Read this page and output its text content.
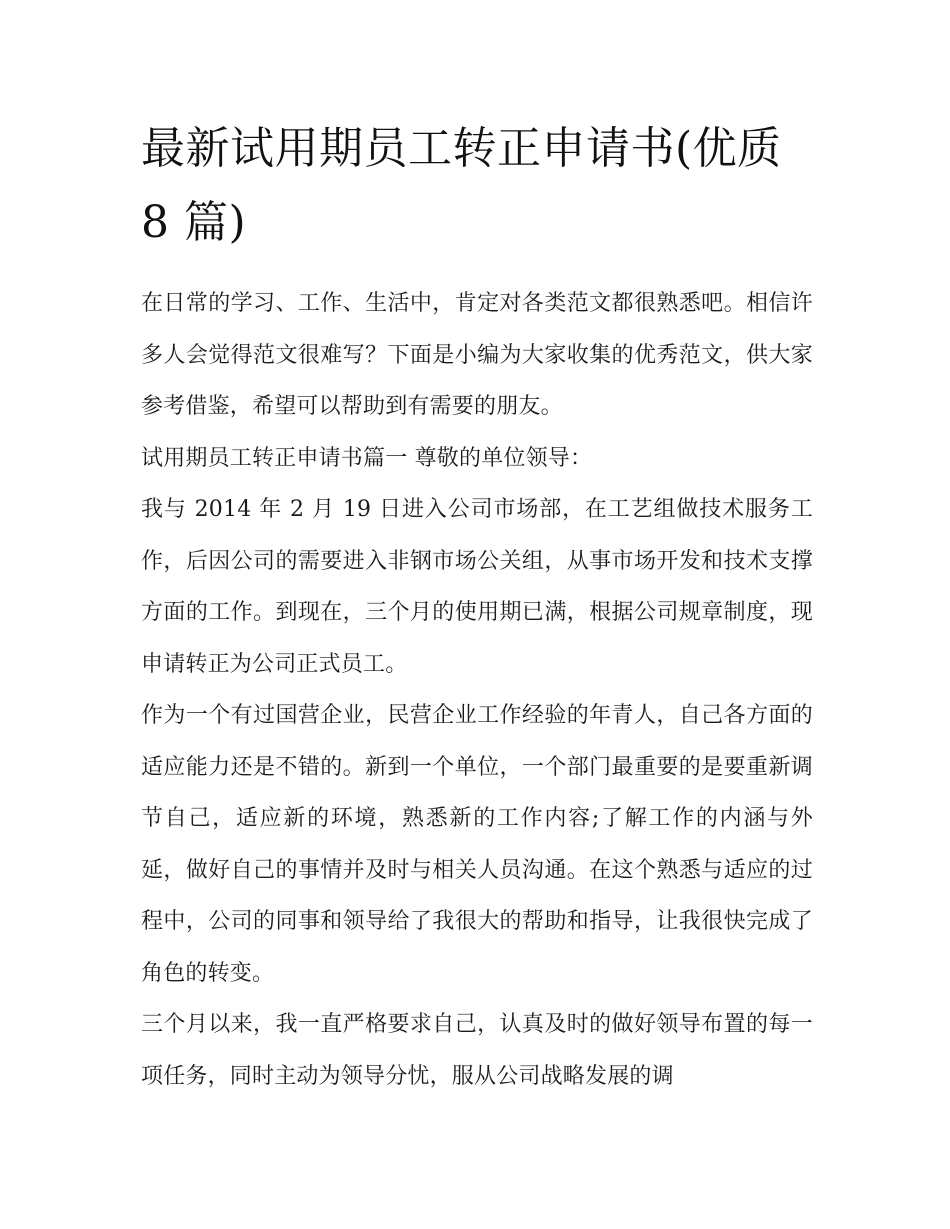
最新试用期员工转正申请书(优质 8 篇)

在日常的学习、工作、生活中，肯定对各类范文都很熟悉吧。相信许多人会觉得范文很难写？下面是小编为大家收集的优秀范文，供大家参考借鉴，希望可以帮助到有需要的朋友。

试用期员工转正申请书篇一 尊敬的单位领导：

我与 2014 年 2 月 19 日进入公司市场部，在工艺组做技术服务工作，后因公司的需要进入非钢市场公关组，从事市场开发和技术支撑方面的工作。到现在，三个月的使用期已满，根据公司规章制度，现申请转正为公司正式员工。

作为一个有过国营企业，民营企业工作经验的年青人，自己各方面的适应能力还是不错的。新到一个单位，一个部门最重要的是要重新调节自己，适应新的环境，熟悉新的工作内容;了解工作的内涵与外延，做好自己的事情并及时与相关人员沟通。在这个熟悉与适应的过程中，公司的同事和领导给了我很大的帮助和指导，让我很快完成了角色的转变。

三个月以来，我一直严格要求自己，认真及时的做好领导布置的每一项任务，同时主动为领导分忧，服从公司战略发展的调
